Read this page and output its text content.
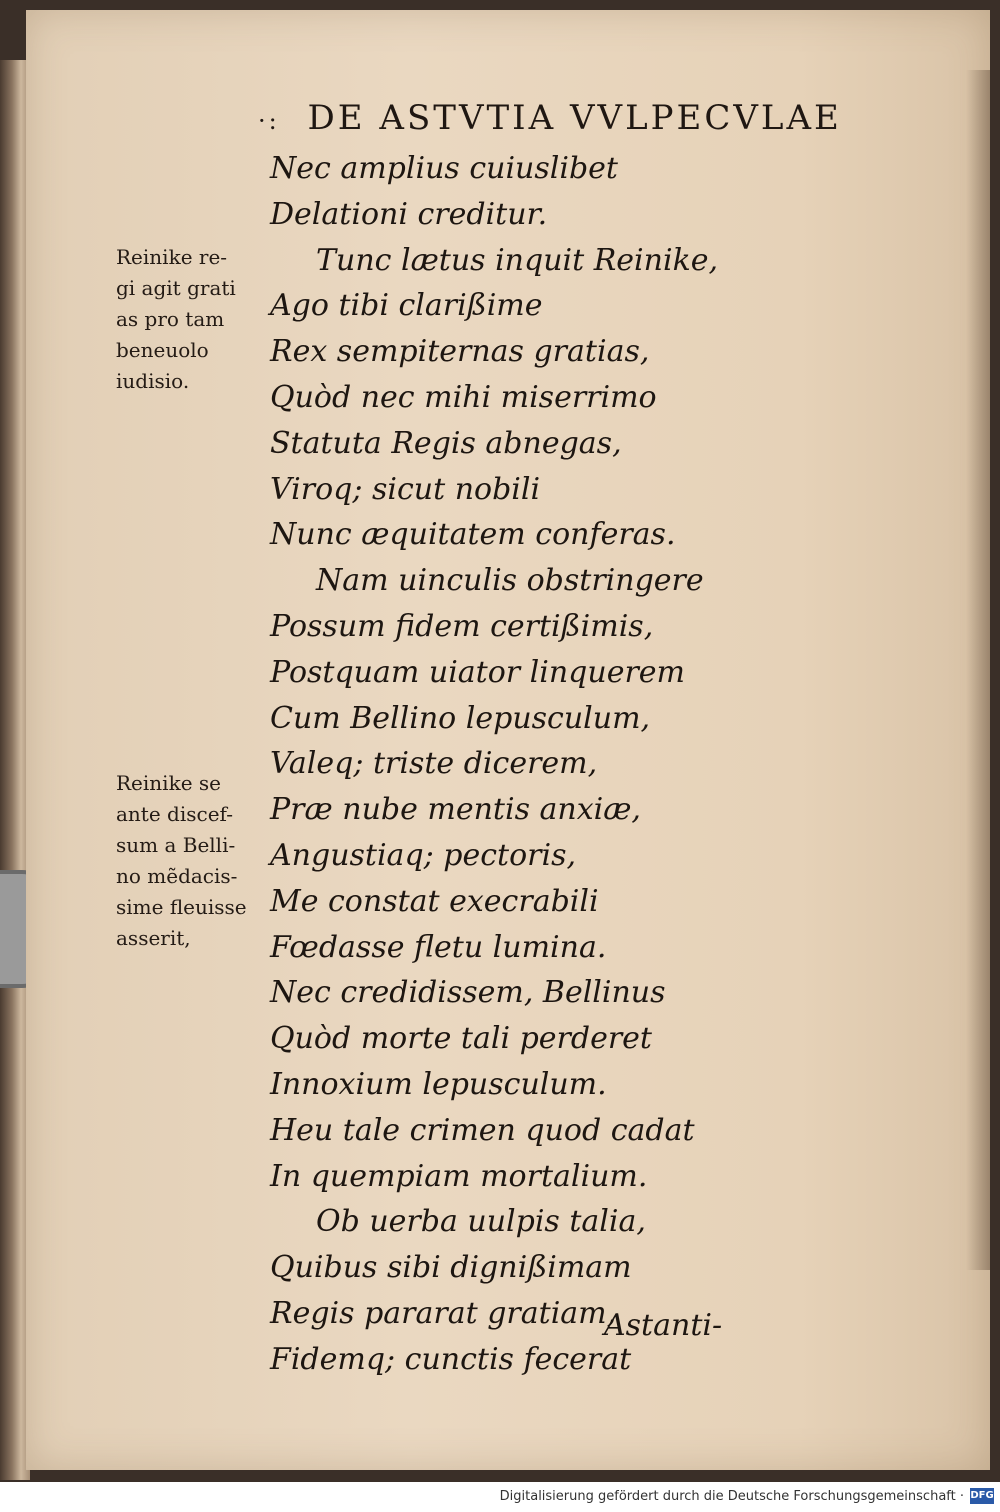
·: DE ASTVTIA VVLPECVLAE
Nec amplius cuiuslibet
Delationi creditur.
Tunc lætus inquit Reinike,
Ago tibi clarißime
Rex sempiternas gratias,
Quòd nec mihi miserrimo
Statuta Regis abnegas,
Viroq; sicut nobili
Nunc æquitatem conferas.
Nam uinculis obstringere
Possum fidem certißimis,
Postquam uiator linquerem
Cum Bellino lepusculum,
Valeq; triste dicerem,
Præ nube mentis anxiæ,
Angustiaq; pectoris,
Me constat execrabili
Fœdasse fletu lumina.
Nec credidissem, Bellinus
Quòd morte tali perderet
Innoxium lepusculum.
Heu tale crimen quod cadat
In quempiam mortalium.
Ob uerba uulpis talia,
Quibus sibi dignißimam
Regis pararat gratiam,
Fidemq; cunctis fecerat
Reinike re-
gi agit grati
as pro tam
beneuolo
iudisio.
Reinike se
ante discef-
sum a Belli-
no mẽdacis-
sime fleuisse
asserit,
Astanti-
Digitalisierung gefördert durch die Deutsche Forschungsgemeinschaft · DFG
